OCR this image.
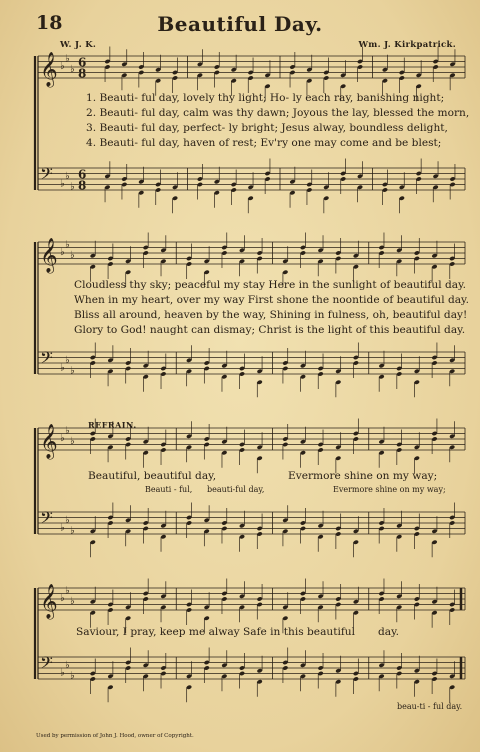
𝄞 ♭
♭
♭
𝄢 ♭
♭
♭
6
8
6
8
𝄞 ♭
♭
♭
𝄢 ♭
♭
♭
𝄞 ♭
♭
♭
𝄢 ♭
♭
♭
𝄞 ♭
♭
♭
𝄢 ♭
♭
♭
18	Beautiful Day.
W. J. K.	Wm. J. Kirkpatrick.
1. Beauti- ful day, lovely thy light; Ho- ly each ray, banishing night;
2. Beauti- ful day, calm was thy dawn; Joyous the lay, blessed the morn,
3. Beauti- ful day, perfect- ly bright; Jesus alway, boundless delight,
4. Beauti- ful day, haven of rest; Ev'ry one may come and be blest;
Cloudless thy sky; peaceful my stay Here in the sunlight of beautiful day.
When in my heart, over my way First shone the noontide of beautiful day.
Bliss all around, heaven by the way, Shining in fulness, oh, beautiful day!
Glory to God! naught can dismay; Christ is the light of this beautiful day.
REFRAIN.
Beautiful, beautiful day,	Evermore shine on my way;
Beauti - ful, beauti-ful day,	Evermore shine on my way;
Saviour, I pray, keep me alway Safe in this beautiful day.
beau-ti - ful day.
Used by permission of John J. Hood, owner of Copyright.
